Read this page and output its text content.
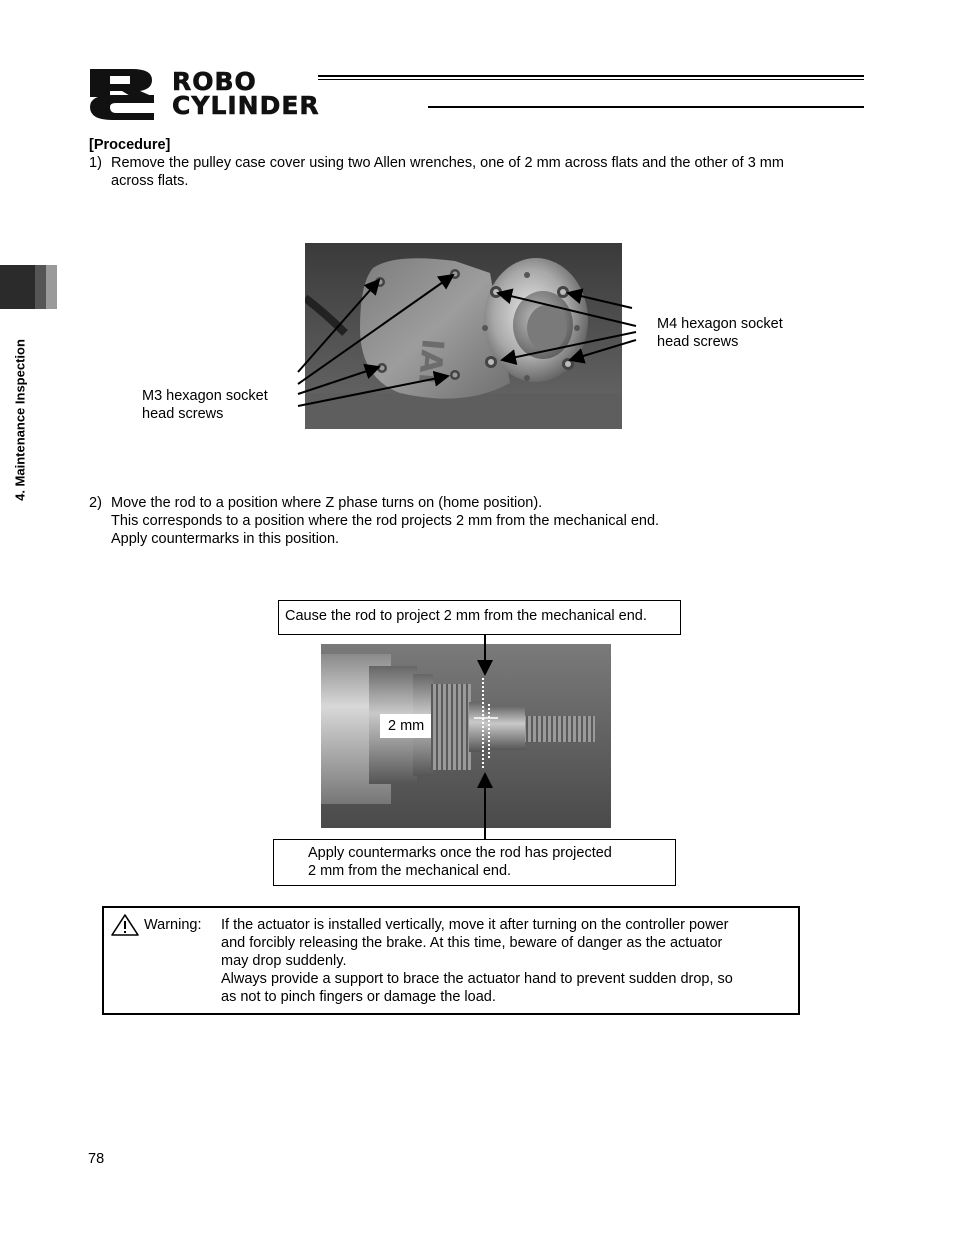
ROBO
CYLINDER
4. Maintenance Inspection
[Procedure]
1) Remove the pulley case cover using two Allen wrenches, one of 2 mm across flats and the other of 3 mm
across flats.
IAI
M4 hexagon socket
head screws
M3 hexagon socket
head screws
2) Move the rod to a position where Z phase turns on (home position).
This corresponds to a position where the rod projects 2 mm from the mechanical end.
Apply countermarks in this position.
Cause the rod to project 2 mm from the mechanical end.
2 mm
Apply countermarks once the rod has projected
2 mm from the mechanical end.
Warning: If the actuator is installed vertically, move it after turning on the controller power
and forcibly releasing the brake. At this time, beware of danger as the actuator
may drop suddenly.
Always provide a support to brace the actuator hand to prevent sudden drop, so
as not to pinch fingers or damage the load.
78
